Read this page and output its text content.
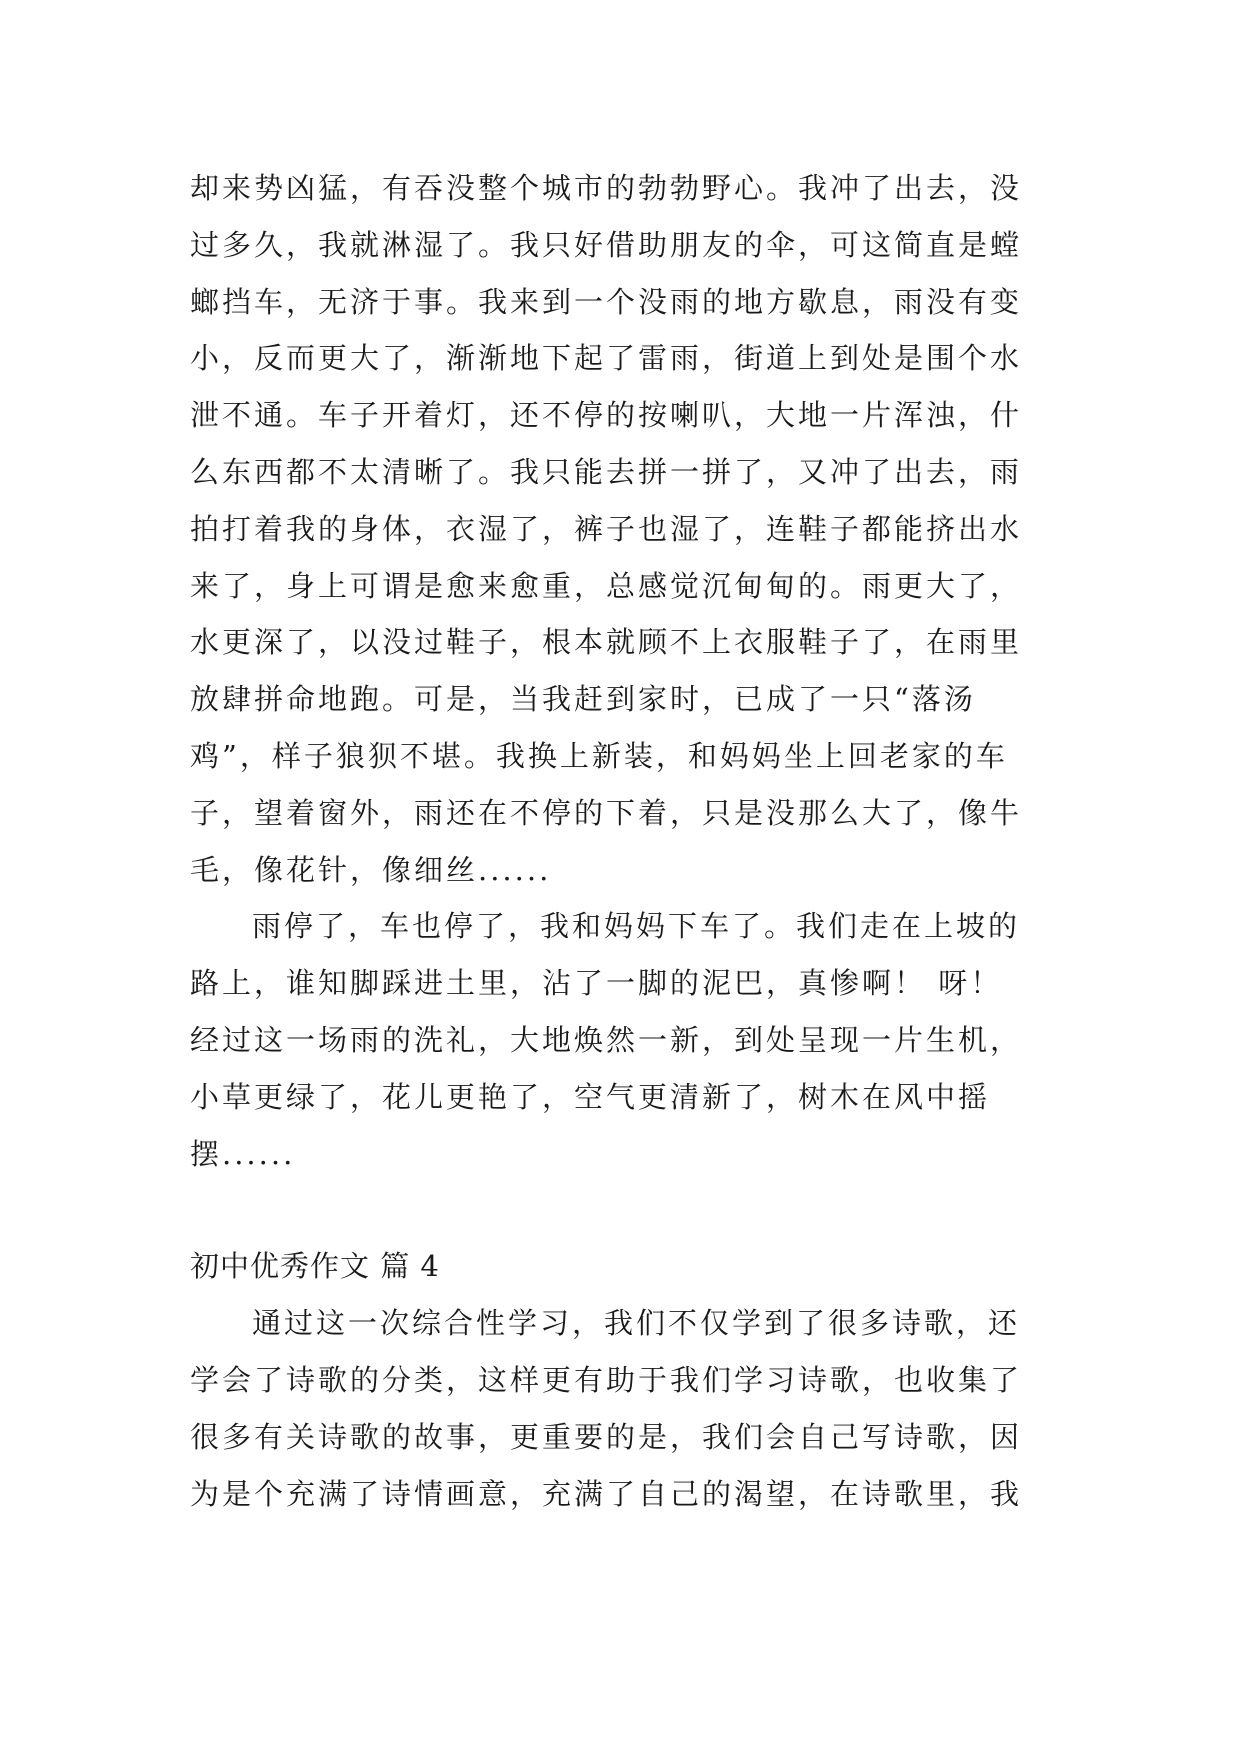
却来势凶猛，有吞没整个城市的勃勃野心。我冲了出去，没
过多久，我就淋湿了。我只好借助朋友的伞，可这简直是螳
螂挡车，无济于事。我来到一个没雨的地方歇息，雨没有变
小，反而更大了，渐渐地下起了雷雨，街道上到处是围个水
泄不通。车子开着灯，还不停的按喇叭，大地一片浑浊，什
么东西都不太清晰了。我只能去拼一拼了，又冲了出去，雨
拍打着我的身体，衣湿了，裤子也湿了，连鞋子都能挤出水
来了，身上可谓是愈来愈重，总感觉沉甸甸的。雨更大了，
水更深了，以没过鞋子，根本就顾不上衣服鞋子了，在雨里
放肆拼命地跑。可是，当我赶到家时，已成了一只“落汤
鸡”，样子狼狈不堪。我换上新装，和妈妈坐上回老家的车
子，望着窗外，雨还在不停的下着，只是没那么大了，像牛
毛，像花针，像细丝......
雨停了，车也停了，我和妈妈下车了。我们走在上坡的
路上，谁知脚踩进土里，沾了一脚的泥巴，真惨啊！ 呀！
经过这一场雨的洗礼，大地焕然一新，到处呈现一片生机，
小草更绿了，花儿更艳了，空气更清新了，树木在风中摇
摆......
初中优秀作文 篇 4
通过这一次综合性学习，我们不仅学到了很多诗歌，还
学会了诗歌的分类，这样更有助于我们学习诗歌，也收集了
很多有关诗歌的故事，更重要的是，我们会自己写诗歌，因
为是个充满了诗情画意，充满了自己的渴望，在诗歌里，我
